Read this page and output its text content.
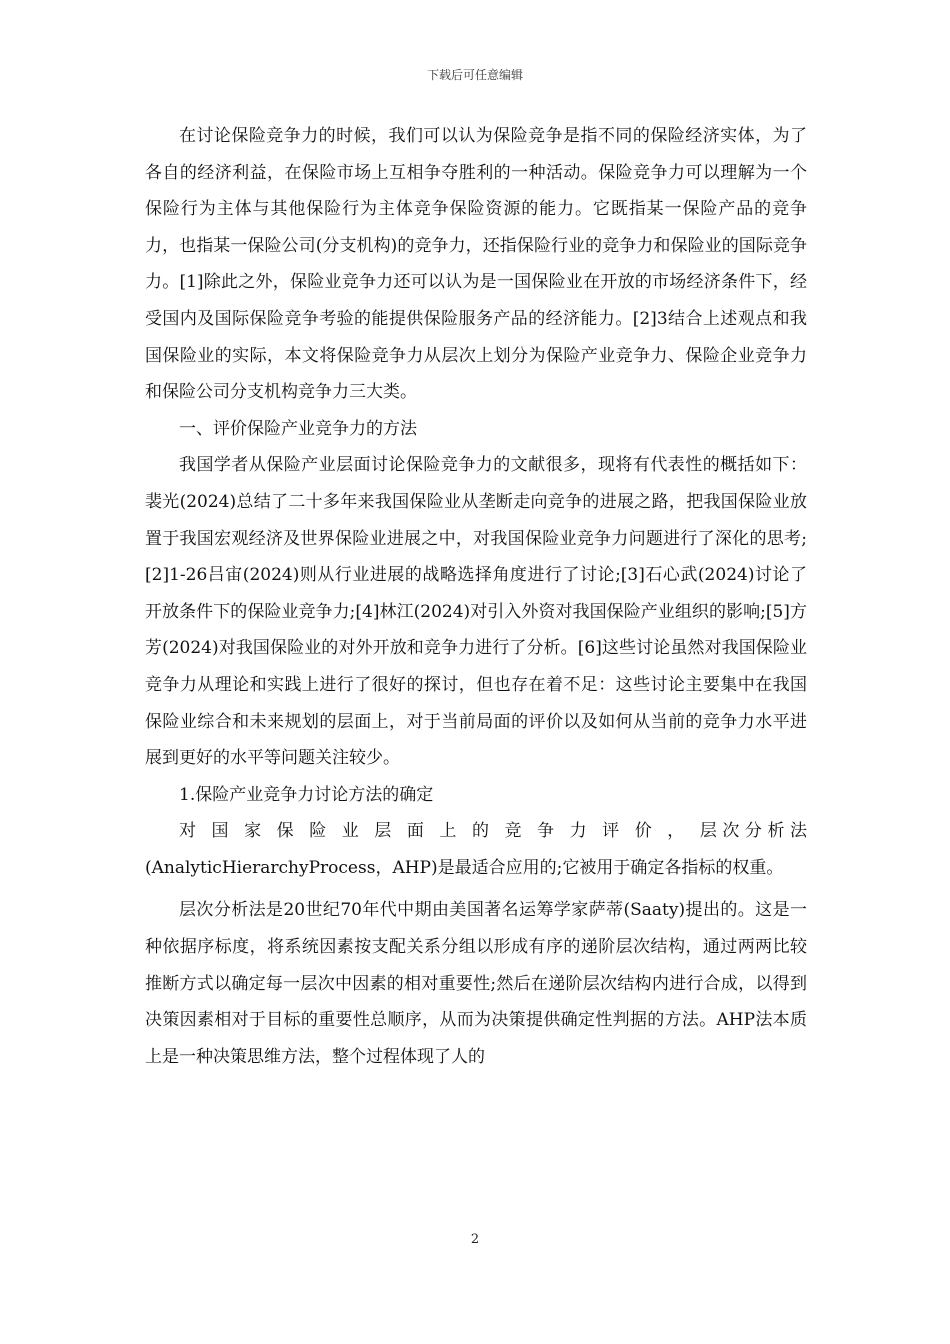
下载后可任意编辑

在讨论保险竞争力的时候，我们可以认为保险竞争是指不同的保险经济实体，为了各自的经济利益，在保险市场上互相争夺胜利的一种活动。保险竞争力可以理解为一个保险行为主体与其他保险行为主体竞争保险资源的能力。它既指某一保险产品的竞争力，也指某一保险公司(分支机构)的竞争力，还指保险行业的竞争力和保险业的国际竞争力。[1]除此之外，保险业竞争力还可以认为是一国保险业在开放的市场经济条件下，经受国内及国际保险竞争考验的能提供保险服务产品的经济能力。[2]3结合上述观点和我国保险业的实际，本文将保险竞争力从层次上划分为保险产业竞争力、保险企业竞争力和保险公司分支机构竞争力三大类。

一、评价保险产业竞争力的方法

我国学者从保险产业层面讨论保险竞争力的文献很多，现将有代表性的概括如下：裴光(2024)总结了二十多年来我国保险业从垄断走向竞争的进展之路，把我国保险业放置于我国宏观经济及世界保险业进展之中，对我国保险业竞争力问题进行了深化的思考;[2]1-26吕宙(2024)则从行业进展的战略选择角度进行了讨论;[3]石心武(2024)讨论了开放条件下的保险业竞争力;[4]林江(2024)对引入外资对我国保险产业组织的影响;[5]方芳(2024)对我国保险业的对外开放和竞争力进行了分析。[6]这些讨论虽然对我国保险业竞争力从理论和实践上进行了很好的探讨，但也存在着不足：这些讨论主要集中在我国保险业综合和未来规划的层面上，对于当前局面的评价以及如何从当前的竞争力水平进展到更好的水平等问题关注较少。

1.保险产业竞争力讨论方法的确定

对国家保险业层面上的竞争力评价，层次分析法(AnalyticHierarchyProcess，AHP)是最适合应用的;它被用于确定各指标的权重。

层次分析法是20世纪70年代中期由美国著名运筹学家萨蒂(Saaty)提出的。这是一种依据序标度，将系统因素按支配关系分组以形成有序的递阶层次结构，通过两两比较推断方式以确定每一层次中因素的相对重要性;然后在递阶层次结构内进行合成，以得到决策因素相对于目标的重要性总顺序，从而为决策提供确定性判据的方法。AHP法本质上是一种决策思维方法，整个过程体现了人的

2
